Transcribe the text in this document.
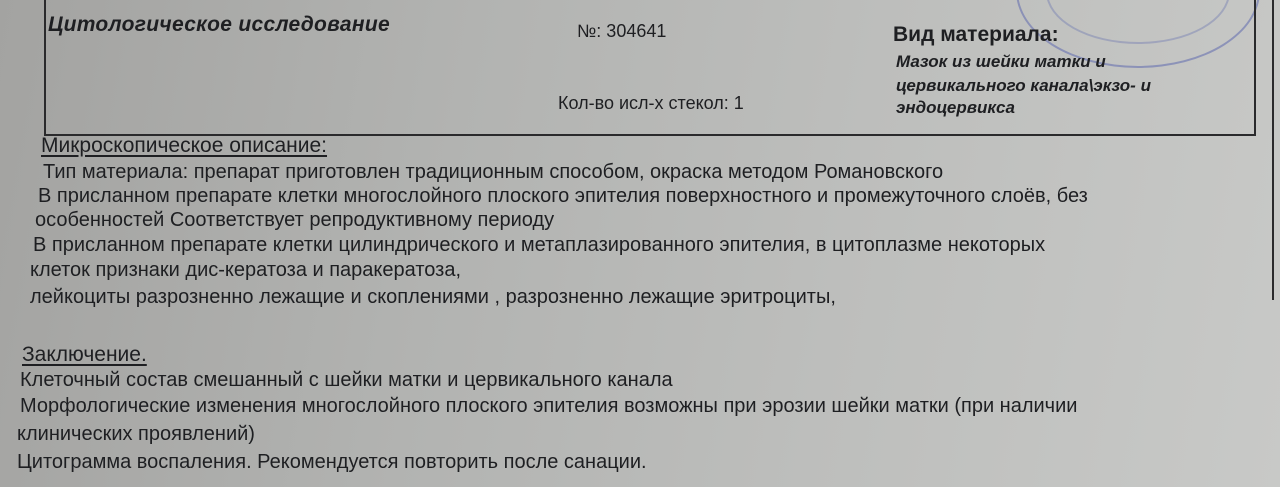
Цитологическое исследование	№: 304641
Кол-во исл-х стекол: 1
Вид материала:
Мазок из шейки матки и
цервикального канала\экзо- и
эндоцервикса
Микроскопическое описание:
Тип материала: препарат приготовлен традиционным способом, окраска методом Романовского
В присланном препарате клетки многослойного плоского эпителия поверхностного и промежуточного слоёв, без
особенностей Соответствует репродуктивному периоду
В присланном препарате клетки цилиндрического и метаплазированного эпителия, в цитоплазме некоторых
клеток признаки дис-кератоза и паракератоза,
лейкоциты разрозненно лежащие и скоплениями , разрозненно лежащие эритроциты,
Заключение.
Клеточный состав смешанный с шейки матки и цервикального канала
Морфологические изменения многослойного плоского эпителия возможны при эрозии шейки матки (при наличии
клинических проявлений)
Цитограмма воспаления. Рекомендуется повторить после санации.
